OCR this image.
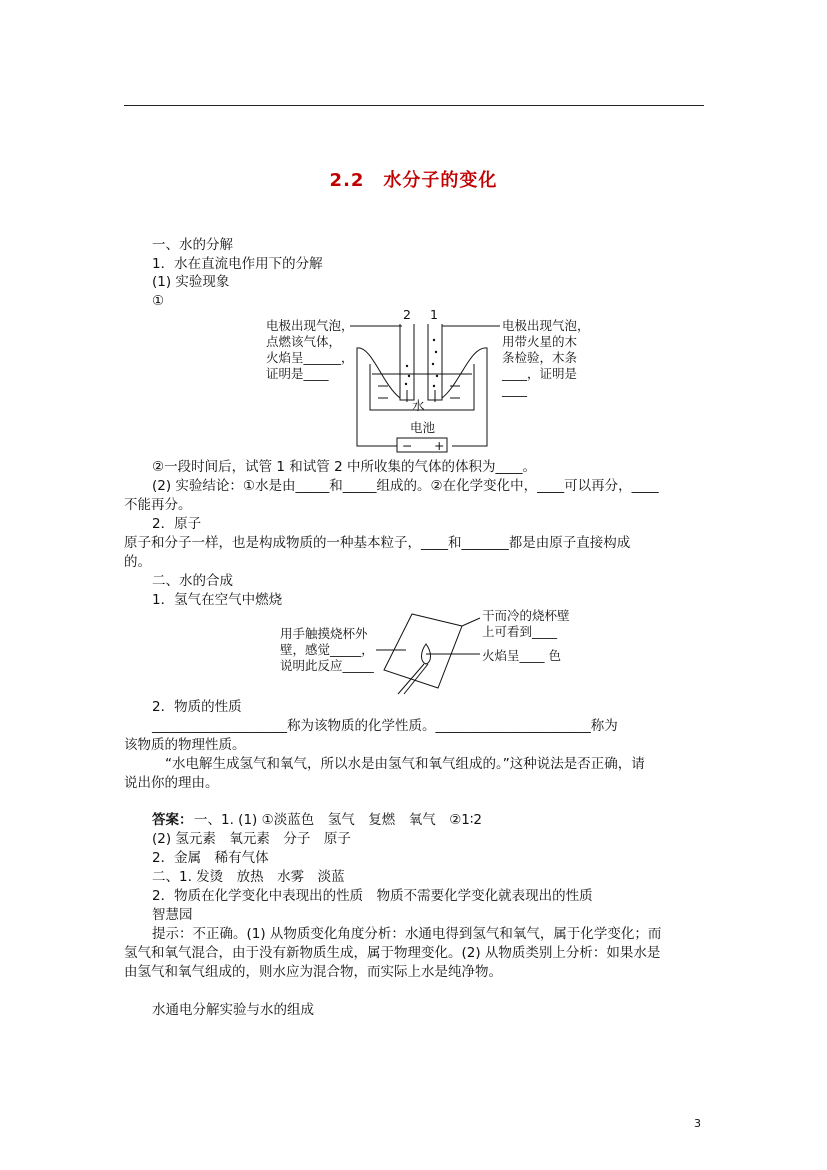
2.2　水分子的变化
一、水的分解
1．水在直流电作用下的分解
(1) 实验现象
①
电极出现气泡，
点燃该气体，
火焰呈______，
证明是____
电极出现气泡，
用带火星的木
条检验，木条
____，证明是
____
2 1
水
电池
− +
②一段时间后，试管 1 和试管 2 中所收集的气体的体积为____。
(2) 实验结论：①水是由_____和_____组成的。②在化学变化中，____可以再分，____
不能再分。
2．原子
原子和分子一样，也是构成物质的一种基本粒子，____和_______都是由原子直接构成
的。
二、水的合成
1．氢气在空气中燃烧
用手触摸烧杯外
壁，感觉_____，
说明此反应_____
干而冷的烧杯壁
上可看到____
火焰呈____ 色
2．物质的性质
____________________称为该物质的化学性质。_______________________称为
该物质的物理性质。
“水电解生成氢气和氧气，所以水是由氢气和氧气组成的。”这种说法是否正确，请
说出你的理由。
答案： 一、1. (1) ①淡蓝色　氢气　复燃　氧气　②1∶2
(2) 氢元素　氧元素　分子　原子
2．金属　稀有气体
二、1. 发烫　放热　水雾　淡蓝
2．物质在化学变化中表现出的性质　物质不需要化学变化就表现出的性质
智慧园
提示：不正确。(1) 从物质变化角度分析：水通电得到氢气和氧气，属于化学变化；而
氢气和氧气混合，由于没有新物质生成，属于物理变化。(2) 从物质类别上分析：如果水是
由氢气和氧气组成的，则水应为混合物，而实际上水是纯净物。
水通电分解实验与水的组成
3
